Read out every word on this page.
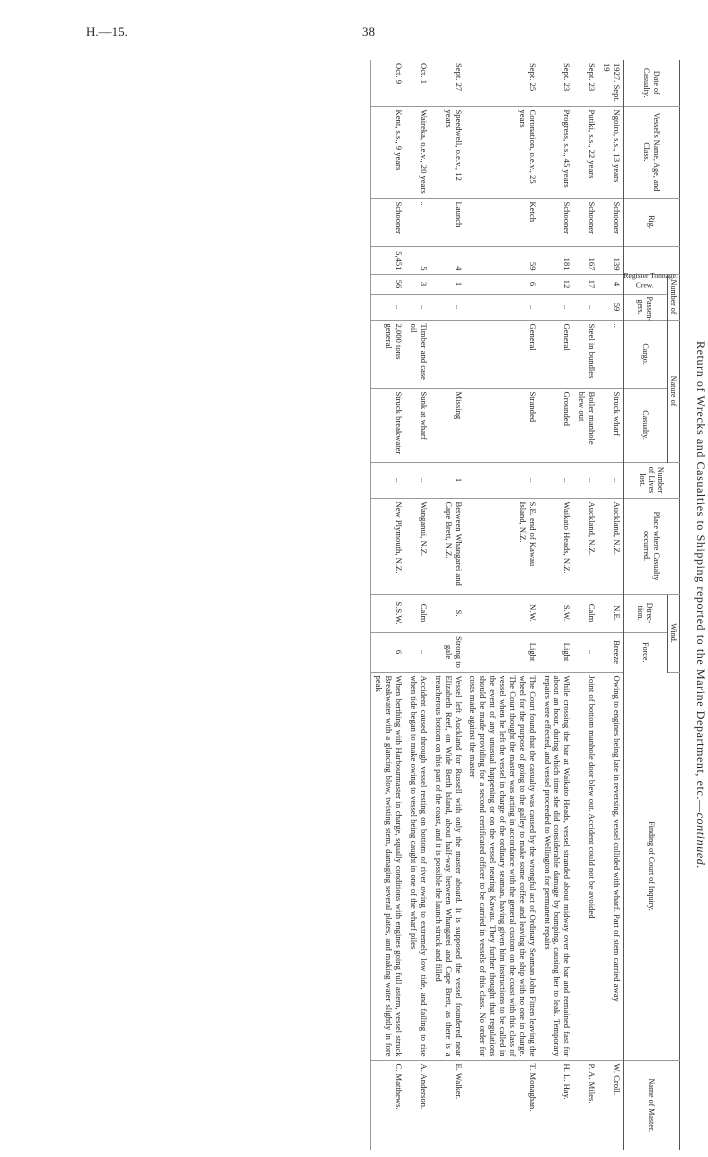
H.—15.	38
Return of Wrecks and Casualties to Shipping reported to the Marine Department, etc.—continued.
Date of Casualty.	Vessel's Name, Age, and Class.	Rig.	Register Tonnage.	Number of		Nature of		Number of Lives lost.	Place where Casualty occurred.	Wind.		Finding of Court of Inquiry.	Name of Master.
				Crew.	Passen-gers.	Cargo.	Casualty.			Direc-tion.	Force.		
1927. Sept. 19	Ngoiro, s.s., 13 years	Schooner	139	4	59	..	Struck wharf	..	Auckland, N.Z.	N.E.	Breeze	Owing to engines being late in reversing, vessel collided with wharf. Part of stem carried away	W. Croll.
Sept. 23	Putiki, s.s., 22 years	Schooner	167	17	..	Steel in bundles	Boiler manhole blew out	..	Auckland, N.Z.	Calm	..	Joint of bottom manhole door blew out. Accident could not be avoided	P. A. Miles.
Sept. 23	Progress, s.s., 45 years	Schooner	181	12	..	General	Grounded	..	Waikato Heads, N.Z.	S.W.	Light	While crossing the bar at Waikato Heads, vessel stranded about midway over the bar and remained fast for about an hour, during which time she did considerable damage by bumping, causing her to leak. Temporary repairs were effected, and vessel proceeded to Wellington for permanent repairs	H. L. Hay.
Sept. 25	Coronation, o.e.v., 25 years	Ketch	59	6	..	General	Stranded	..	S.E. end of Kawau Island, N.Z.	N.W.	Light	The Court found that the casualty was caused by the wrongful act of Ordinary Seaman John Fitten leaving the wheel for the purpose of going to the galley to make some coffee and leaving the ship with no one in charge. The Court thought the master was acting in accordance with the general custom on the coast with this class of vessel when he left the vessel in charge of the ordinary seaman, having given him instructions to be called in the event of any unusual happening or on the vessel nearing Kawau. They further thought that regulations should be made providing for a second certificated officer to be carried in vessels of this class. No order for costs made against the master	T. Monaghan.
Sept. 27	Speedwell, o.e.v., 12 years	Launch	4	1	..		Missing	1	Between Whangarei and Cape Brett, N.Z.	S.	Strong to gale	Vessel left Auckland for Russell with only the master aboard. It is supposed the vessel foundered near Elizabeth Reef, on Wide Berth Island, about half-way between Whangarei and Cape Brett, as there is a treacherous bottom on this part of the coast, and it is possible the launch struck and filled	E. Walker.
Oct. 1	Waireka, o.e.v., 20 years	..	5	3	..	Timber and case oil	Sunk at wharf	..	Wanganui, N.Z.	Calm	..	Accident caused through vessel resting on bottom of river owing to extremely low tide, and failing to rise when tide began to make owing to vessel being caught in one of the wharf piles	A. Anderson.
Oct. 9	Kent, s.s., 9 years	Schooner	5,451	56	..	2,000 tons general	Struck breakwater	..	New Plymouth, N.Z.	S.S.W.	6	When berthing with Harbourmaster in charge, squally conditions with engines going full astern, vessel struck Breakwater with a glancing blow, twisting stem, damaging several plates, and making water slightly in fore peak	C. Matthews.
